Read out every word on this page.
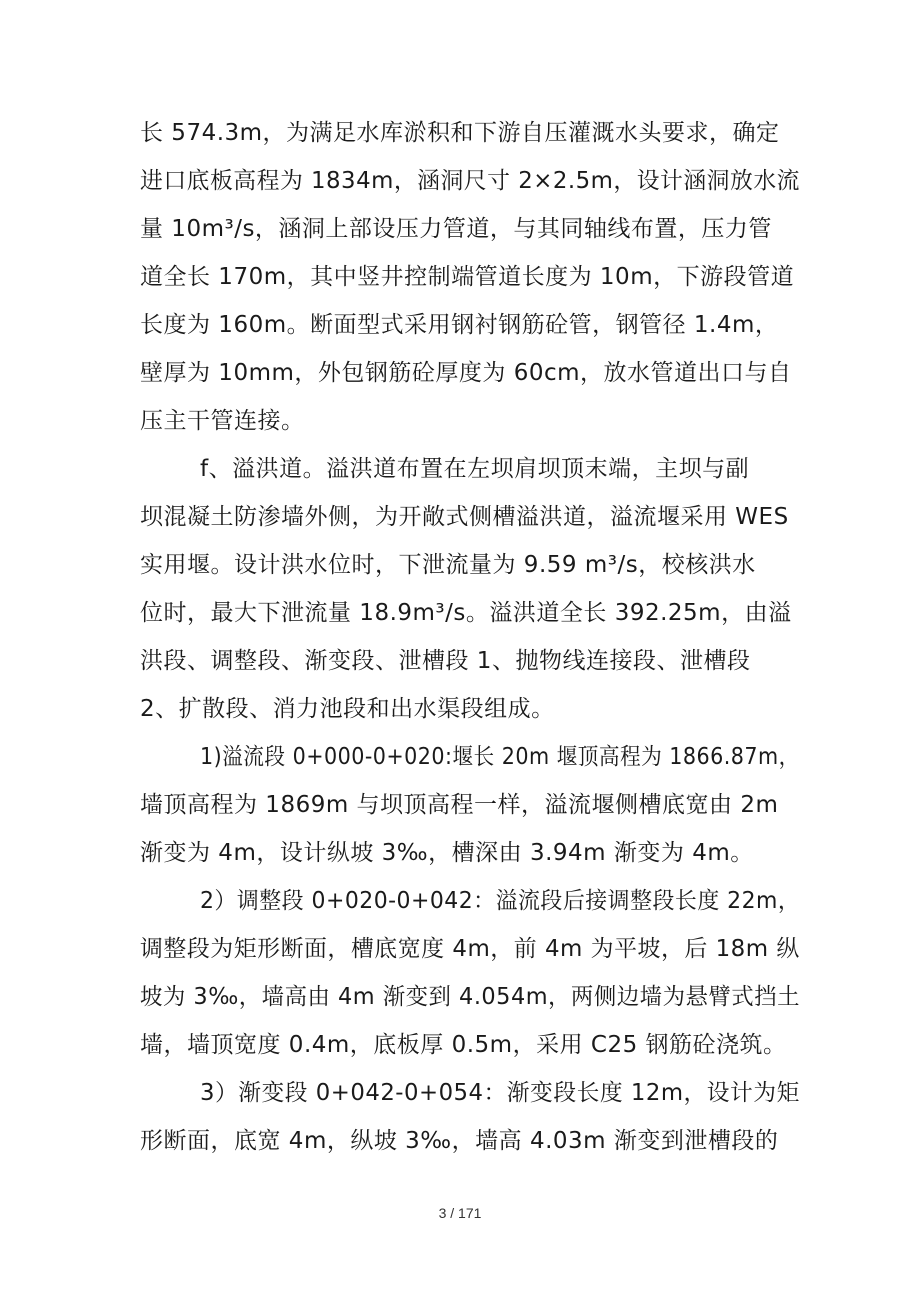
长 574.3m，为满足水库淤积和下游自压灌溉水头要求，确定
进口底板高程为 1834m，涵洞尺寸 2×2.5m，设计涵洞放水流
量 10m³/s，涵洞上部设压力管道，与其同轴线布置，压力管
道全长 170m，其中竖井控制端管道长度为 10m，下游段管道
长度为 160m。断面型式采用钢衬钢筋砼管，钢管径 1.4m，
壁厚为 10mm，外包钢筋砼厚度为 60cm，放水管道出口与自
压主干管连接。
f、溢洪道。溢洪道布置在左坝肩坝顶末端，主坝与副
坝混凝土防渗墙外侧，为开敞式侧槽溢洪道，溢流堰采用 WES
实用堰。设计洪水位时，下泄流量为 9.59 m³/s，校核洪水
位时，最大下泄流量 18.9m³/s。溢洪道全长 392.25m，由溢
洪段、调整段、渐变段、泄槽段 1、抛物线连接段、泄槽段
2、扩散段、消力池段和出水渠段组成。
1)溢流段 0+000-0+020:堰长 20m 堰顶高程为 1866.87m，
墙顶高程为 1869m 与坝顶高程一样，溢流堰侧槽底宽由 2m
渐变为 4m，设计纵坡 3‰，槽深由 3.94m 渐变为 4m。
2）调整段 0+020-0+042：溢流段后接调整段长度 22m，
调整段为矩形断面，槽底宽度 4m，前 4m 为平坡，后 18m 纵
坡为 3‰，墙高由 4m 渐变到 4.054m，两侧边墙为悬臂式挡土
墙，墙顶宽度 0.4m，底板厚 0.5m，采用 C25 钢筋砼浇筑。
3）渐变段 0+042-0+054：渐变段长度 12m，设计为矩
形断面，底宽 4m，纵坡 3‰，墙高 4.03m 渐变到泄槽段的
3 / 171
